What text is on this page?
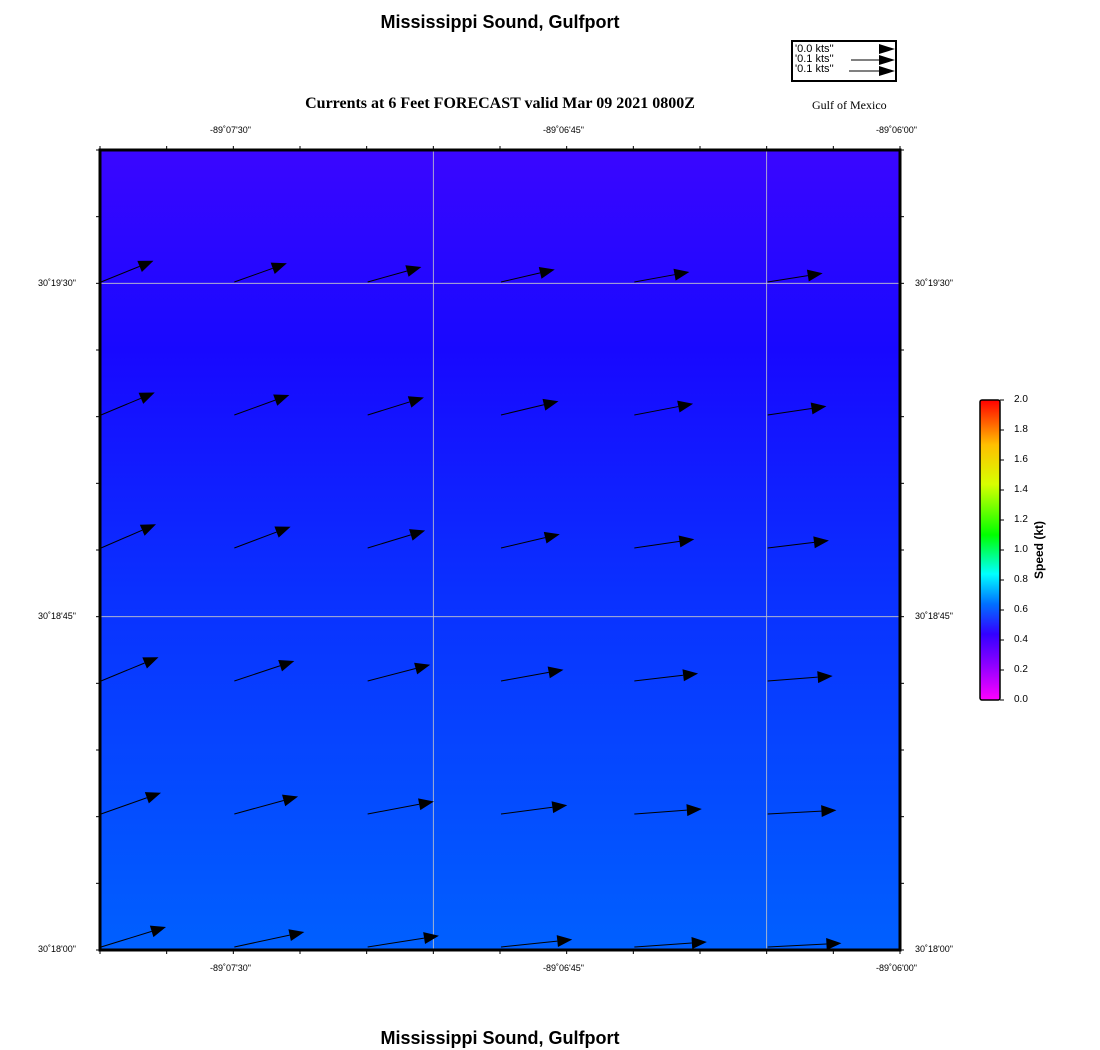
Mississippi Sound, Gulfport
Currents at 6 Feet FORECAST valid Mar 09 2021 0800Z	Gulf of Mexico
'0.0 kts''
'0.1 kts''
'0.1 kts''
-89˚07'30"	-89˚06'45"	-89˚06'00"
-89˚07'30"	-89˚06'45"	-89˚06'00"
30˚19'30"
30˚18'45"
30˚18'00"
30˚19'30"
30˚18'45"
30˚18'00"
0.0
0.2
0.4
0.6
0.8
1.0
1.2
1.4
1.6
1.8
2.0
Speed (kt)
Mississippi Sound, Gulfport
